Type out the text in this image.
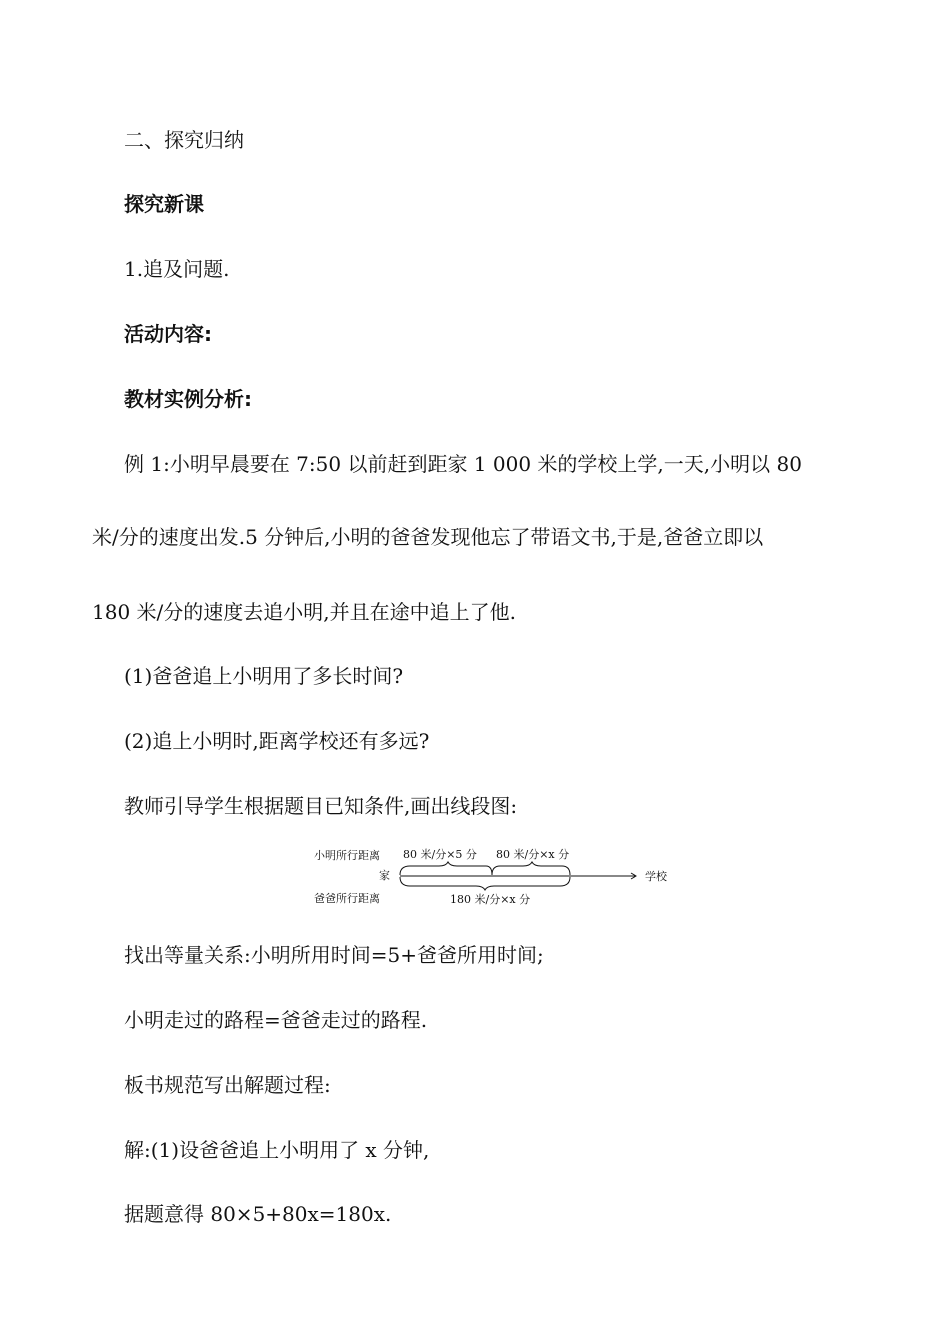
二、探究归纳
探究新课
1.追及问题.
活动内容:
教材实例分析:
例 1:小明早晨要在 7:50 以前赶到距家 1 000 米的学校上学,一天,小明以 80
米/分的速度出发.5 分钟后,小明的爸爸发现他忘了带语文书,于是,爸爸立即以
180 米/分的速度去追小明,并且在途中追上了他.
(1)爸爸追上小明用了多长时间?
(2)追上小明时,距离学校还有多远?
教师引导学生根据题目已知条件,画出线段图:
小明所行距离
家
爸爸所行距离
学校
80 米/分×5 分 80 米/分×x 分
180 米/分×x 分
找出等量关系:小明所用时间=5+爸爸所用时间;
小明走过的路程=爸爸走过的路程.
板书规范写出解题过程:
解:(1)设爸爸追上小明用了 x 分钟,
据题意得 80×5+80x=180x.
